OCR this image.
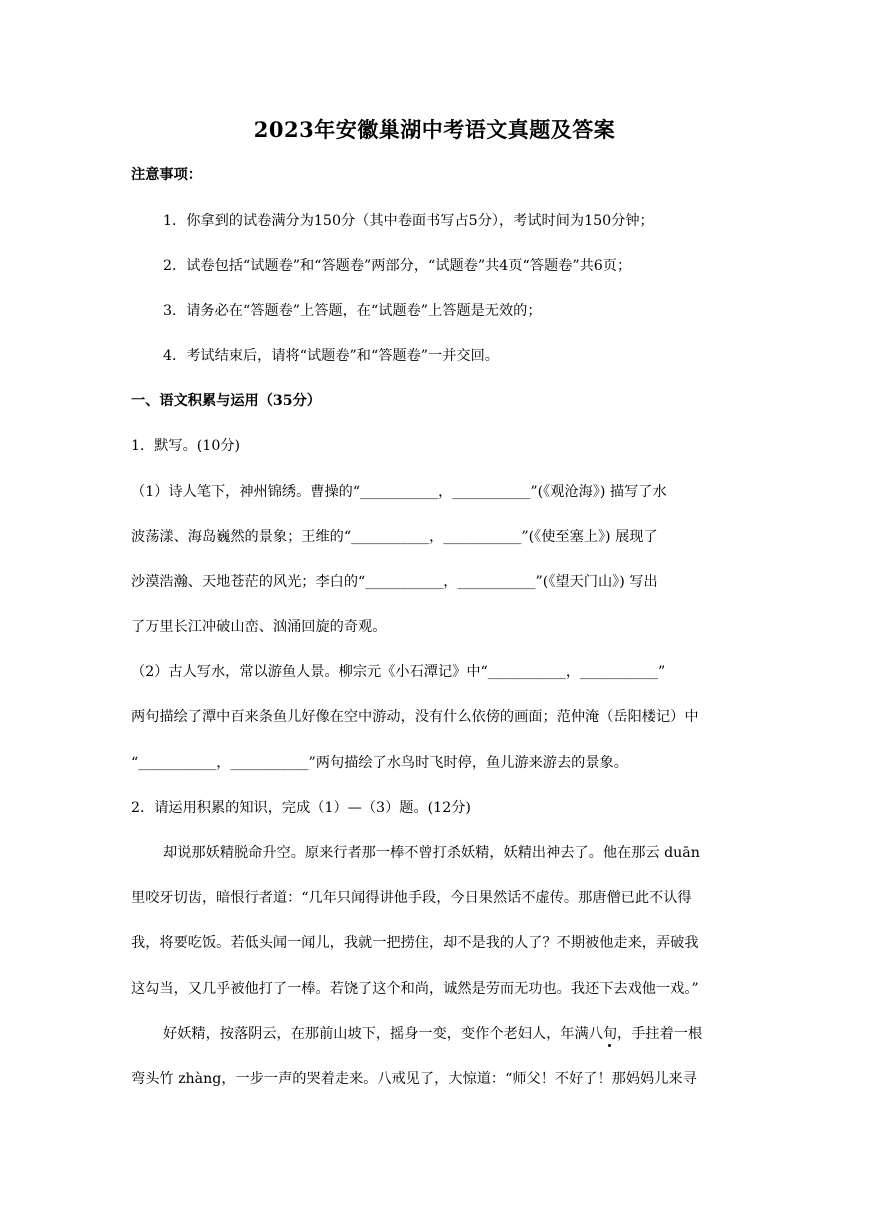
2023年安徽巢湖中考语文真题及答案
注意事项：
1．你拿到的试卷满分为150分（其中卷面书写占5分），考试时间为150分钟；
2．试卷包括“试题卷”和“答题卷”两部分，“试题卷”共4页“答题卷”共6页；
3．请务必在“答题卷”上答题，在“试题卷”上答题是无效的；
4．考试结束后，请将“试题卷”和“答题卷”一并交回。
一、语文积累与运用（35分）
1．默写。(10分)
（1）诗人笔下，神州锦绣。曹操的“___________，___________”(《观沧海》) 描写了水
波荡漾、海岛巍然的景象；王维的“___________，___________”(《使至塞上》) 展现了
沙漠浩瀚、天地苍茫的风光；李白的“___________，___________”(《望天门山》) 写出
了万里长江冲破山峦、汹涌回旋的奇观。
（2）古人写水，常以游鱼人景。柳宗元《小石潭记》中“___________，___________”
两句描绘了潭中百来条鱼儿好像在空中游动，没有什么依傍的画面；范仲淹（岳阳楼记）中
“___________，___________”两句描绘了水鸟时飞时停，鱼儿游来游去的景象。
2．请运用积累的知识，完成（1）—（3）题。(12分)
却说那妖精脱命升空。原来行者那一棒不曾打杀妖精，妖精出神去了。他在那云 duān
里咬牙切齿，暗恨行者道：“几年只闻得讲他手段，今日果然话不虚传。那唐僧已此不认得
我，将要吃饭。若低头闻一闻儿，我就一把捞住，却不是我的人了？不期被他走来，弄破我
这勾当，又几乎被他打了一棒。若饶了这个和尚，诚然是劳而无功也。我还下去戏他一戏。”
好妖精，按落阴云，在那前山坡下，摇身一变，变作个老妇人，年满八旬，手拄着一根
弯头竹 zhàng，一步一声的哭着走来。八戒见了，大惊道：“师父！不好了！那妈妈儿来寻
